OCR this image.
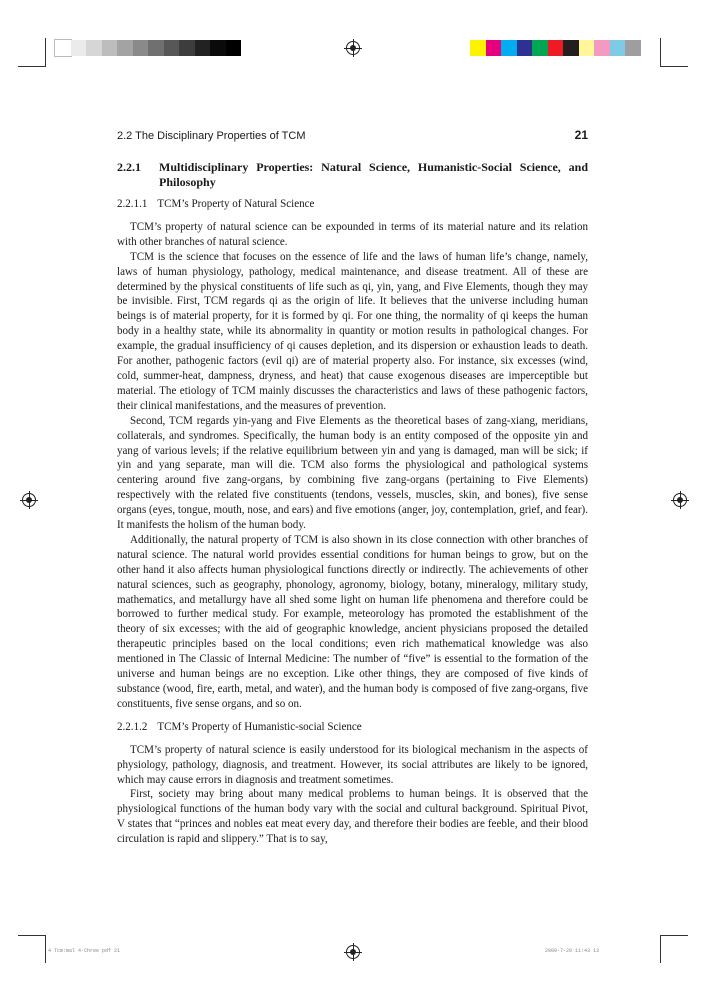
2.2 The Disciplinary Properties of TCM	21
2.2.1	Multidisciplinary Properties: Natural Science, Humanistic-Social Science, and Philosophy
2.2.1.1 TCM’s Property of Natural Science

TCM’s property of natural science can be expounded in terms of its material nature and its relation with other branches of natural science.

TCM is the science that focuses on the essence of life and the laws of human life’s change, namely, laws of human physiology, pathology, medical maintenance, and disease treatment. All of these are determined by the physical constituents of life such as qi, yin, yang, and Five Elements, though they may be invisible. First, TCM regards qi as the origin of life. It believes that the universe including human beings is of material property, for it is formed by qi. For one thing, the normality of qi keeps the human body in a healthy state, while its abnormality in quantity or motion results in pathological changes. For example, the gradual insufficiency of qi causes depletion, and its dispersion or exhaustion leads to death. For another, pathogenic factors (evil qi) are of material property also. For instance, six excesses (wind, cold, summer-heat, dampness, dryness, and heat) that cause exogenous diseases are imperceptible but material. The etiology of TCM mainly discusses the characteristics and laws of these pathogenic factors, their clinical manifestations, and the measures of prevention.

Second, TCM regards yin-yang and Five Elements as the theoretical bases of zang-xiang, meridians, collaterals, and syndromes. Specifically, the human body is an entity composed of the opposite yin and yang of various levels; if the relative equilibrium between yin and yang is damaged, man will be sick; if yin and yang separate, man will die. TCM also forms the physiological and pathological systems centering around five zang-organs, by combining five zang-organs (pertaining to Five Elements) respectively with the related five constituents (tendons, vessels, muscles, skin, and bones), five sense organs (eyes, tongue, mouth, nose, and ears) and five emotions (anger, joy, contemplation, grief, and fear). It manifests the holism of the human body.

Additionally, the natural property of TCM is also shown in its close connection with other branches of natural science. The natural world provides essential conditions for human beings to grow, but on the other hand it also affects human physiological functions directly or indirectly. The achievements of other natural sciences, such as geography, phonology, agronomy, biology, botany, mineralogy, military study, mathematics, and metallurgy have all shed some light on human life phenomena and therefore could be borrowed to further medical study. For example, meteorology has promoted the establishment of the theory of six excesses; with the aid of geographic knowledge, ancient physicians proposed the detailed therapeutic principles based on the local conditions; even rich mathematical knowledge was also mentioned in The Classic of Internal Medicine: The number of “five” is essential to the formation of the universe and human beings are no exception. Like other things, they are composed of five kinds of substance (wood, fire, earth, metal, and water), and the human body is composed of five zang-organs, five constituents, five sense organs, and so on.

2.2.1.2 TCM’s Property of Humanistic-social Science

TCM’s property of natural science is easily understood for its biological mechanism in the aspects of physiology, pathology, diagnosis, and treatment. However, its social attributes are likely to be ignored, which may cause errors in diagnosis and treatment sometimes.

First, society may bring about many medical problems to human beings. It is observed that the physiological functions of the human body vary with the social and cultural background. Spiritual Pivot, V states that “princes and nobles eat meat every day, and therefore their bodies are feeble, and their blood circulation is rapid and slippery.” That is to say,

4 Tcm:mal 4-Chree pdf 21	2009-7-20 11:43 13
